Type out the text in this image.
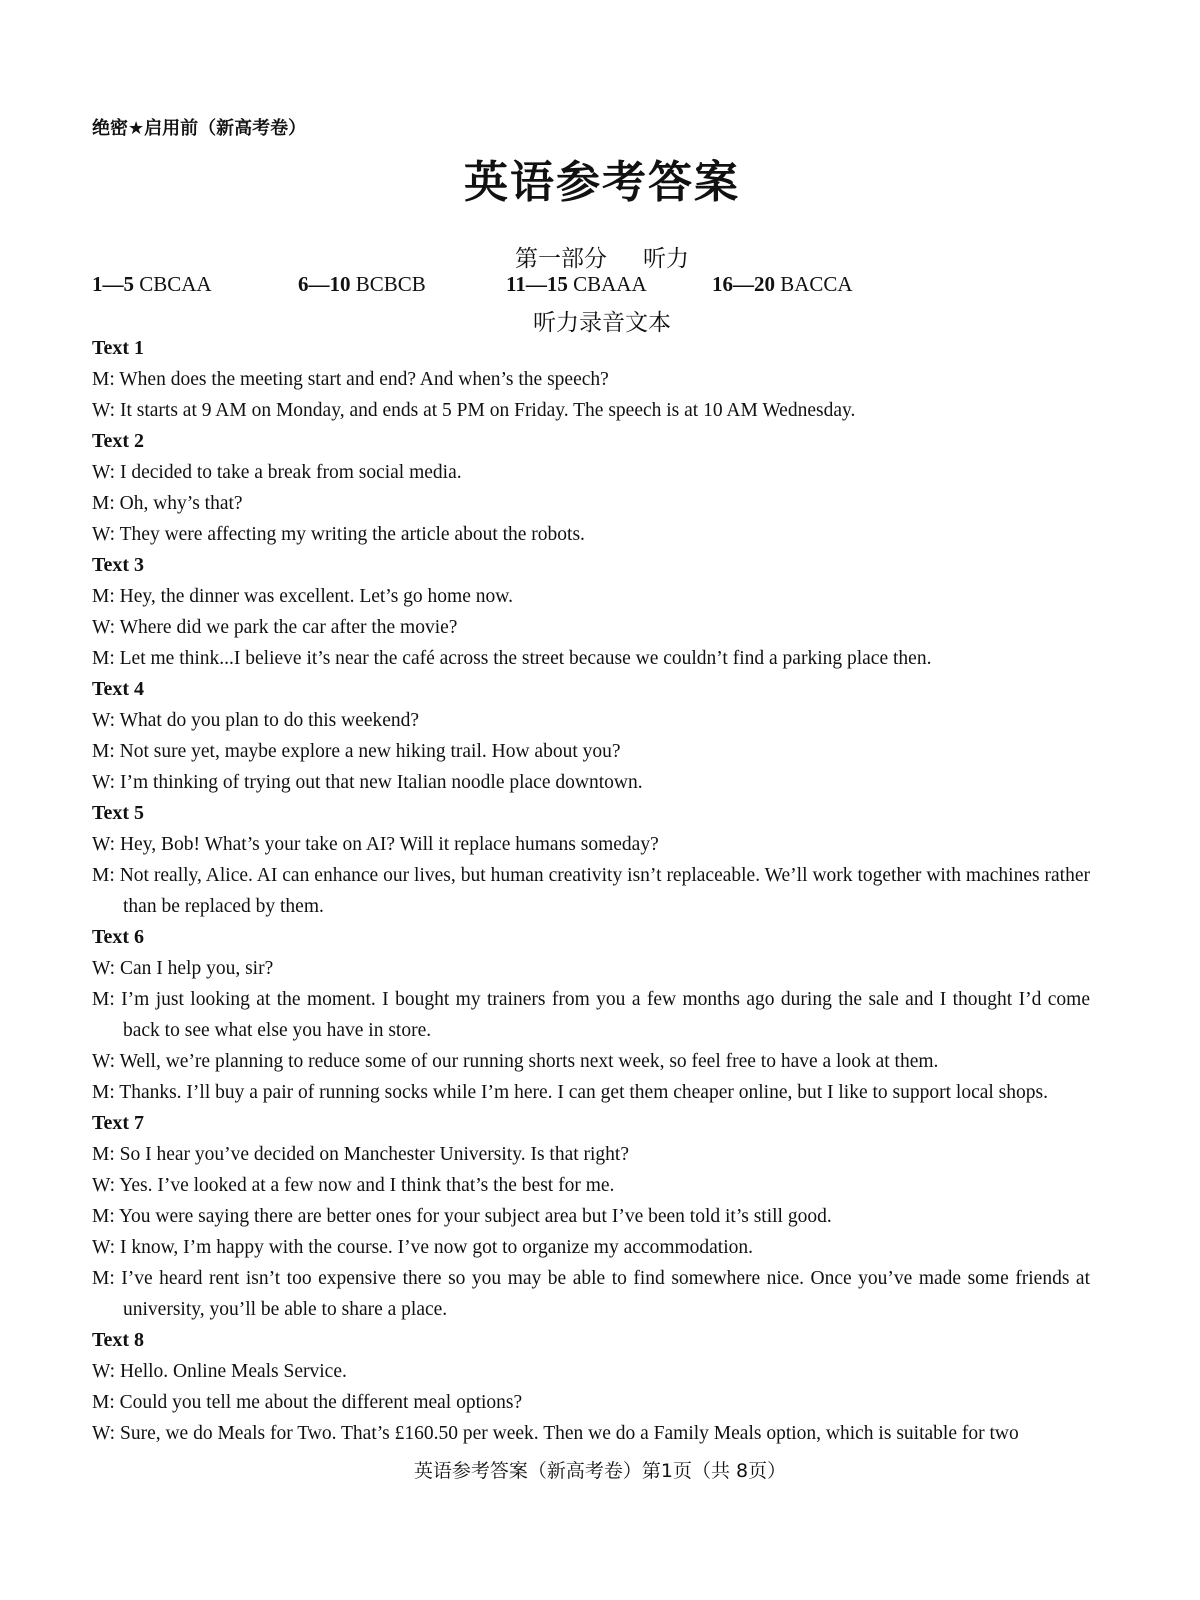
绝密★启用前（新高考卷）
英语参考答案
第一部分 听力
1—5 CBCAA	6—10 BCBCB	11—15 CBAAA	16—20 BACCA
听力录音文本
Text 1
M: When does the meeting start and end? And when’s the speech?
W: It starts at 9 AM on Monday, and ends at 5 PM on Friday. The speech is at 10 AM Wednesday.
Text 2
W: I decided to take a break from social media.
M: Oh, why’s that?
W: They were affecting my writing the article about the robots.
Text 3
M: Hey, the dinner was excellent. Let’s go home now.
W: Where did we park the car after the movie?
M: Let me think...I believe it’s near the café across the street because we couldn’t find a parking place then.
Text 4
W: What do you plan to do this weekend?
M: Not sure yet, maybe explore a new hiking trail. How about you?
W: I’m thinking of trying out that new Italian noodle place downtown.
Text 5
W: Hey, Bob! What’s your take on AI? Will it replace humans someday?
M: Not really, Alice. AI can enhance our lives, but human creativity isn’t replaceable. We’ll work together with machines rather than be replaced by them.
Text 6
W: Can I help you, sir?
M: I’m just looking at the moment. I bought my trainers from you a few months ago during the sale and I thought I’d come back to see what else you have in store.
W: Well, we’re planning to reduce some of our running shorts next week, so feel free to have a look at them.
M: Thanks. I’ll buy a pair of running socks while I’m here. I can get them cheaper online, but I like to support local shops.
Text 7
M: So I hear you’ve decided on Manchester University. Is that right?
W: Yes. I’ve looked at a few now and I think that’s the best for me.
M: You were saying there are better ones for your subject area but I’ve been told it’s still good.
W: I know, I’m happy with the course. I’ve now got to organize my accommodation.
M: I’ve heard rent isn’t too expensive there so you may be able to find somewhere nice. Once you’ve made some friends at university, you’ll be able to share a place.
Text 8
W: Hello. Online Meals Service.
M: Could you tell me about the different meal options?
W: Sure, we do Meals for Two. That’s £160.50 per week. Then we do a Family Meals option, which is suitable for two
英语参考答案（新高考卷）第1页（共 8页）
